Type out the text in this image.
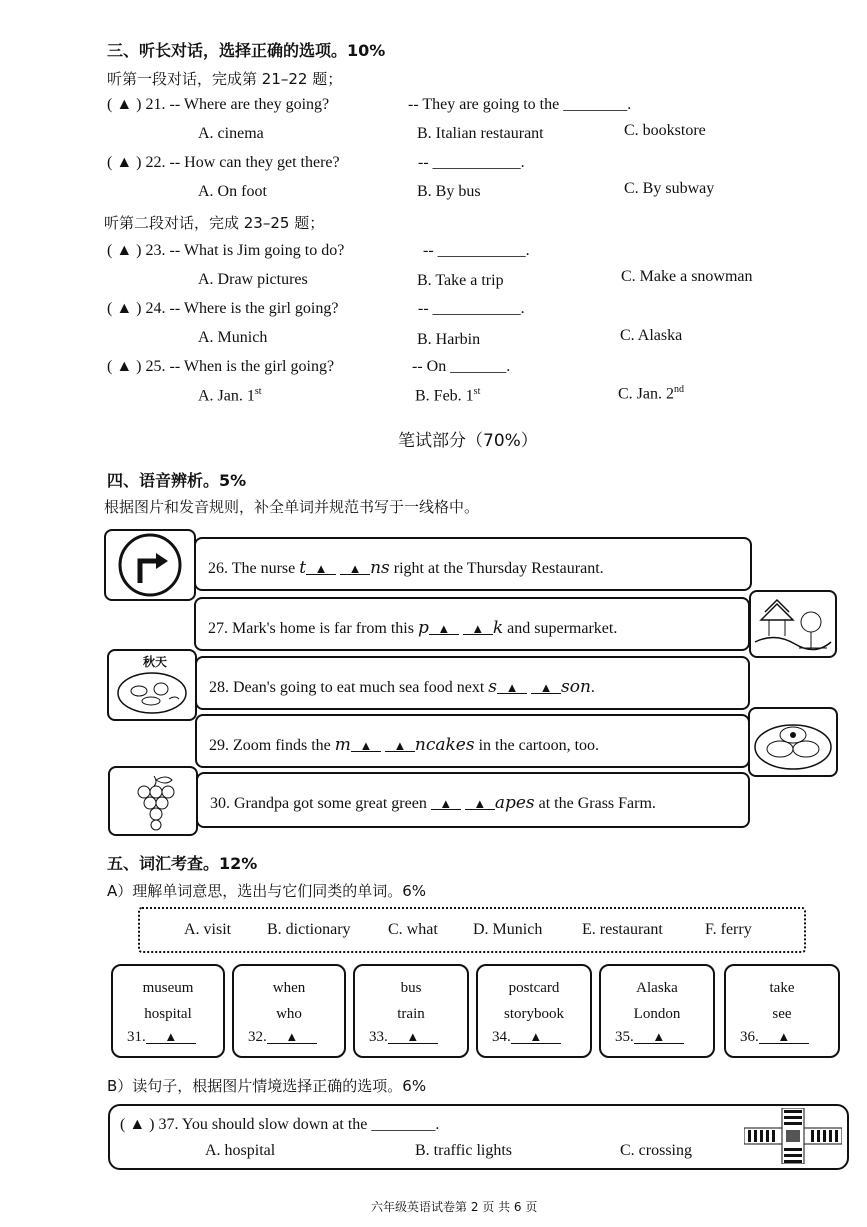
三、听长对话，选择正确的选项。10%
听第一段对话，完成第 21–22 题；
( ▲ ) 21. -- Where are they going?	-- They are going to the ________.
A. cinema	B. Italian restaurant	C. bookstore
( ▲ ) 22. -- How can they get there?	-- ___________.
A. On foot	B. By bus	C. By subway
听第二段对话，完成 23–25 题；
( ▲ ) 23. -- What is Jim going to do?	-- ___________.
A. Draw pictures	B. Take a trip	C. Make a snowman
( ▲ ) 24. -- Where is the girl going?	-- ___________.
A. Munich	B. Harbin	C. Alaska
( ▲ ) 25. -- When is the girl going?	-- On _______.
A. Jan. 1st	B. Feb. 1st	C. Jan. 2nd
笔试部分（70%）
四、语音辨析。5%
根据图片和发音规则，补全单词并规范书写于一线格中。
26. The nurse t ▲ ▲ ns right at the Thursday Restaurant.
27. Mark's home is far from this p ▲ ▲ k and supermarket.
秋天
28. Dean's going to eat much sea food next s ▲ ▲ son.
29. Zoom finds the m ▲ ▲ ncakes in the cartoon, too.
30. Grandpa got some great green ▲ ▲ apes at the Grass Farm.
五、词汇考查。12%
A）理解单词意思，选出与它们同类的单词。6%
A. visit B. dictionary C. what D. Munich E. restaurant	F. ferry
museum
hospital
31. ▲
when
who
32. ▲
bus
train
33. ▲
postcard
storybook
34. ▲
Alaska
London
35. ▲
take
see
36. ▲
B）读句子，根据图片情境选择正确的选项。6%
( ▲ ) 37. You should slow down at the ________.
A. hospital	B. traffic lights	C. crossing
六年级英语试卷第 2 页 共 6 页
